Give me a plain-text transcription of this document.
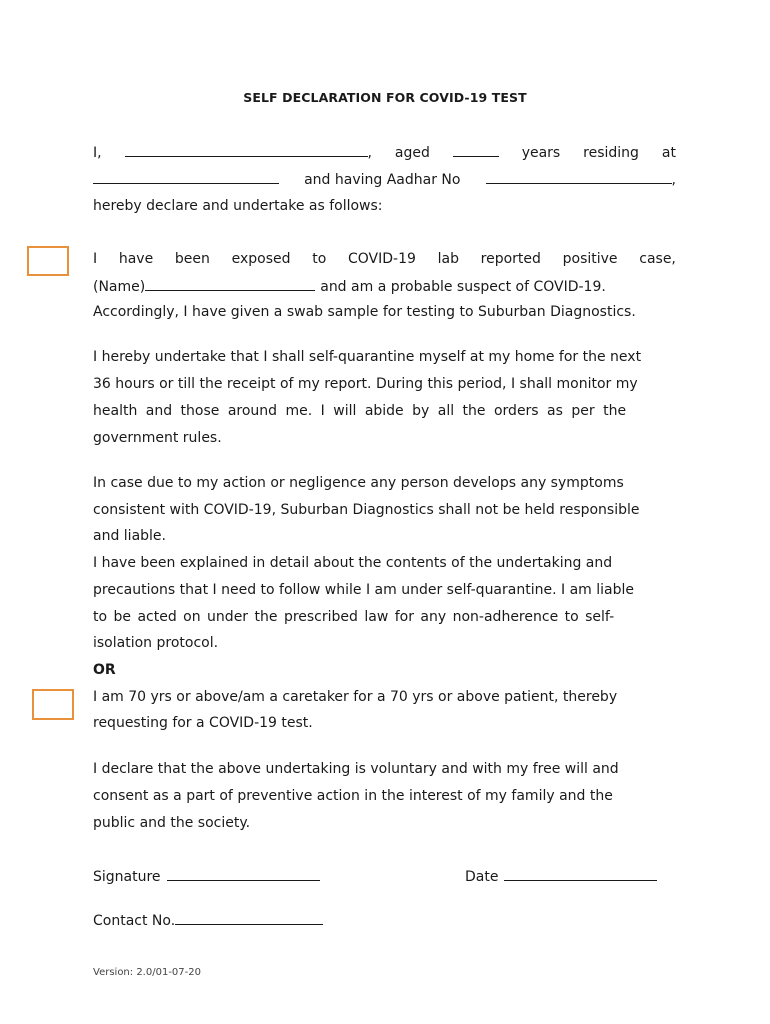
SELF DECLARATION FOR COVID-19 TEST
I,	, aged	years residing at
and having Aadhar No	,
hereby declare and undertake as follows:
I have been exposed to COVID-19 lab reported positive case,
(Name)	and am a probable suspect of COVID-19.
Accordingly, I have given a swab sample for testing to Suburban Diagnostics.
I hereby undertake that I shall self-quarantine myself at my home for the next
36 hours or till the receipt of my report. During this period, I shall monitor my
health and those around me. I will abide by all the orders as per the
government rules.
In case due to my action or negligence any person develops any symptoms
consistent with COVID-19, Suburban Diagnostics shall not be held responsible
and liable.
I have been explained in detail about the contents of the undertaking and
precautions that I need to follow while I am under self-quarantine. I am liable
to be acted on under the prescribed law for any non-adherence to self-
isolation protocol.
OR
I am 70 yrs or above/am a caretaker for a 70 yrs or above patient, thereby
requesting for a COVID-19 test.
I declare that the above undertaking is voluntary and with my free will and
consent as a part of preventive action in the interest of my family and the
public and the society.
Signature	Date
Contact No.
Version: 2.0/01-07-20
